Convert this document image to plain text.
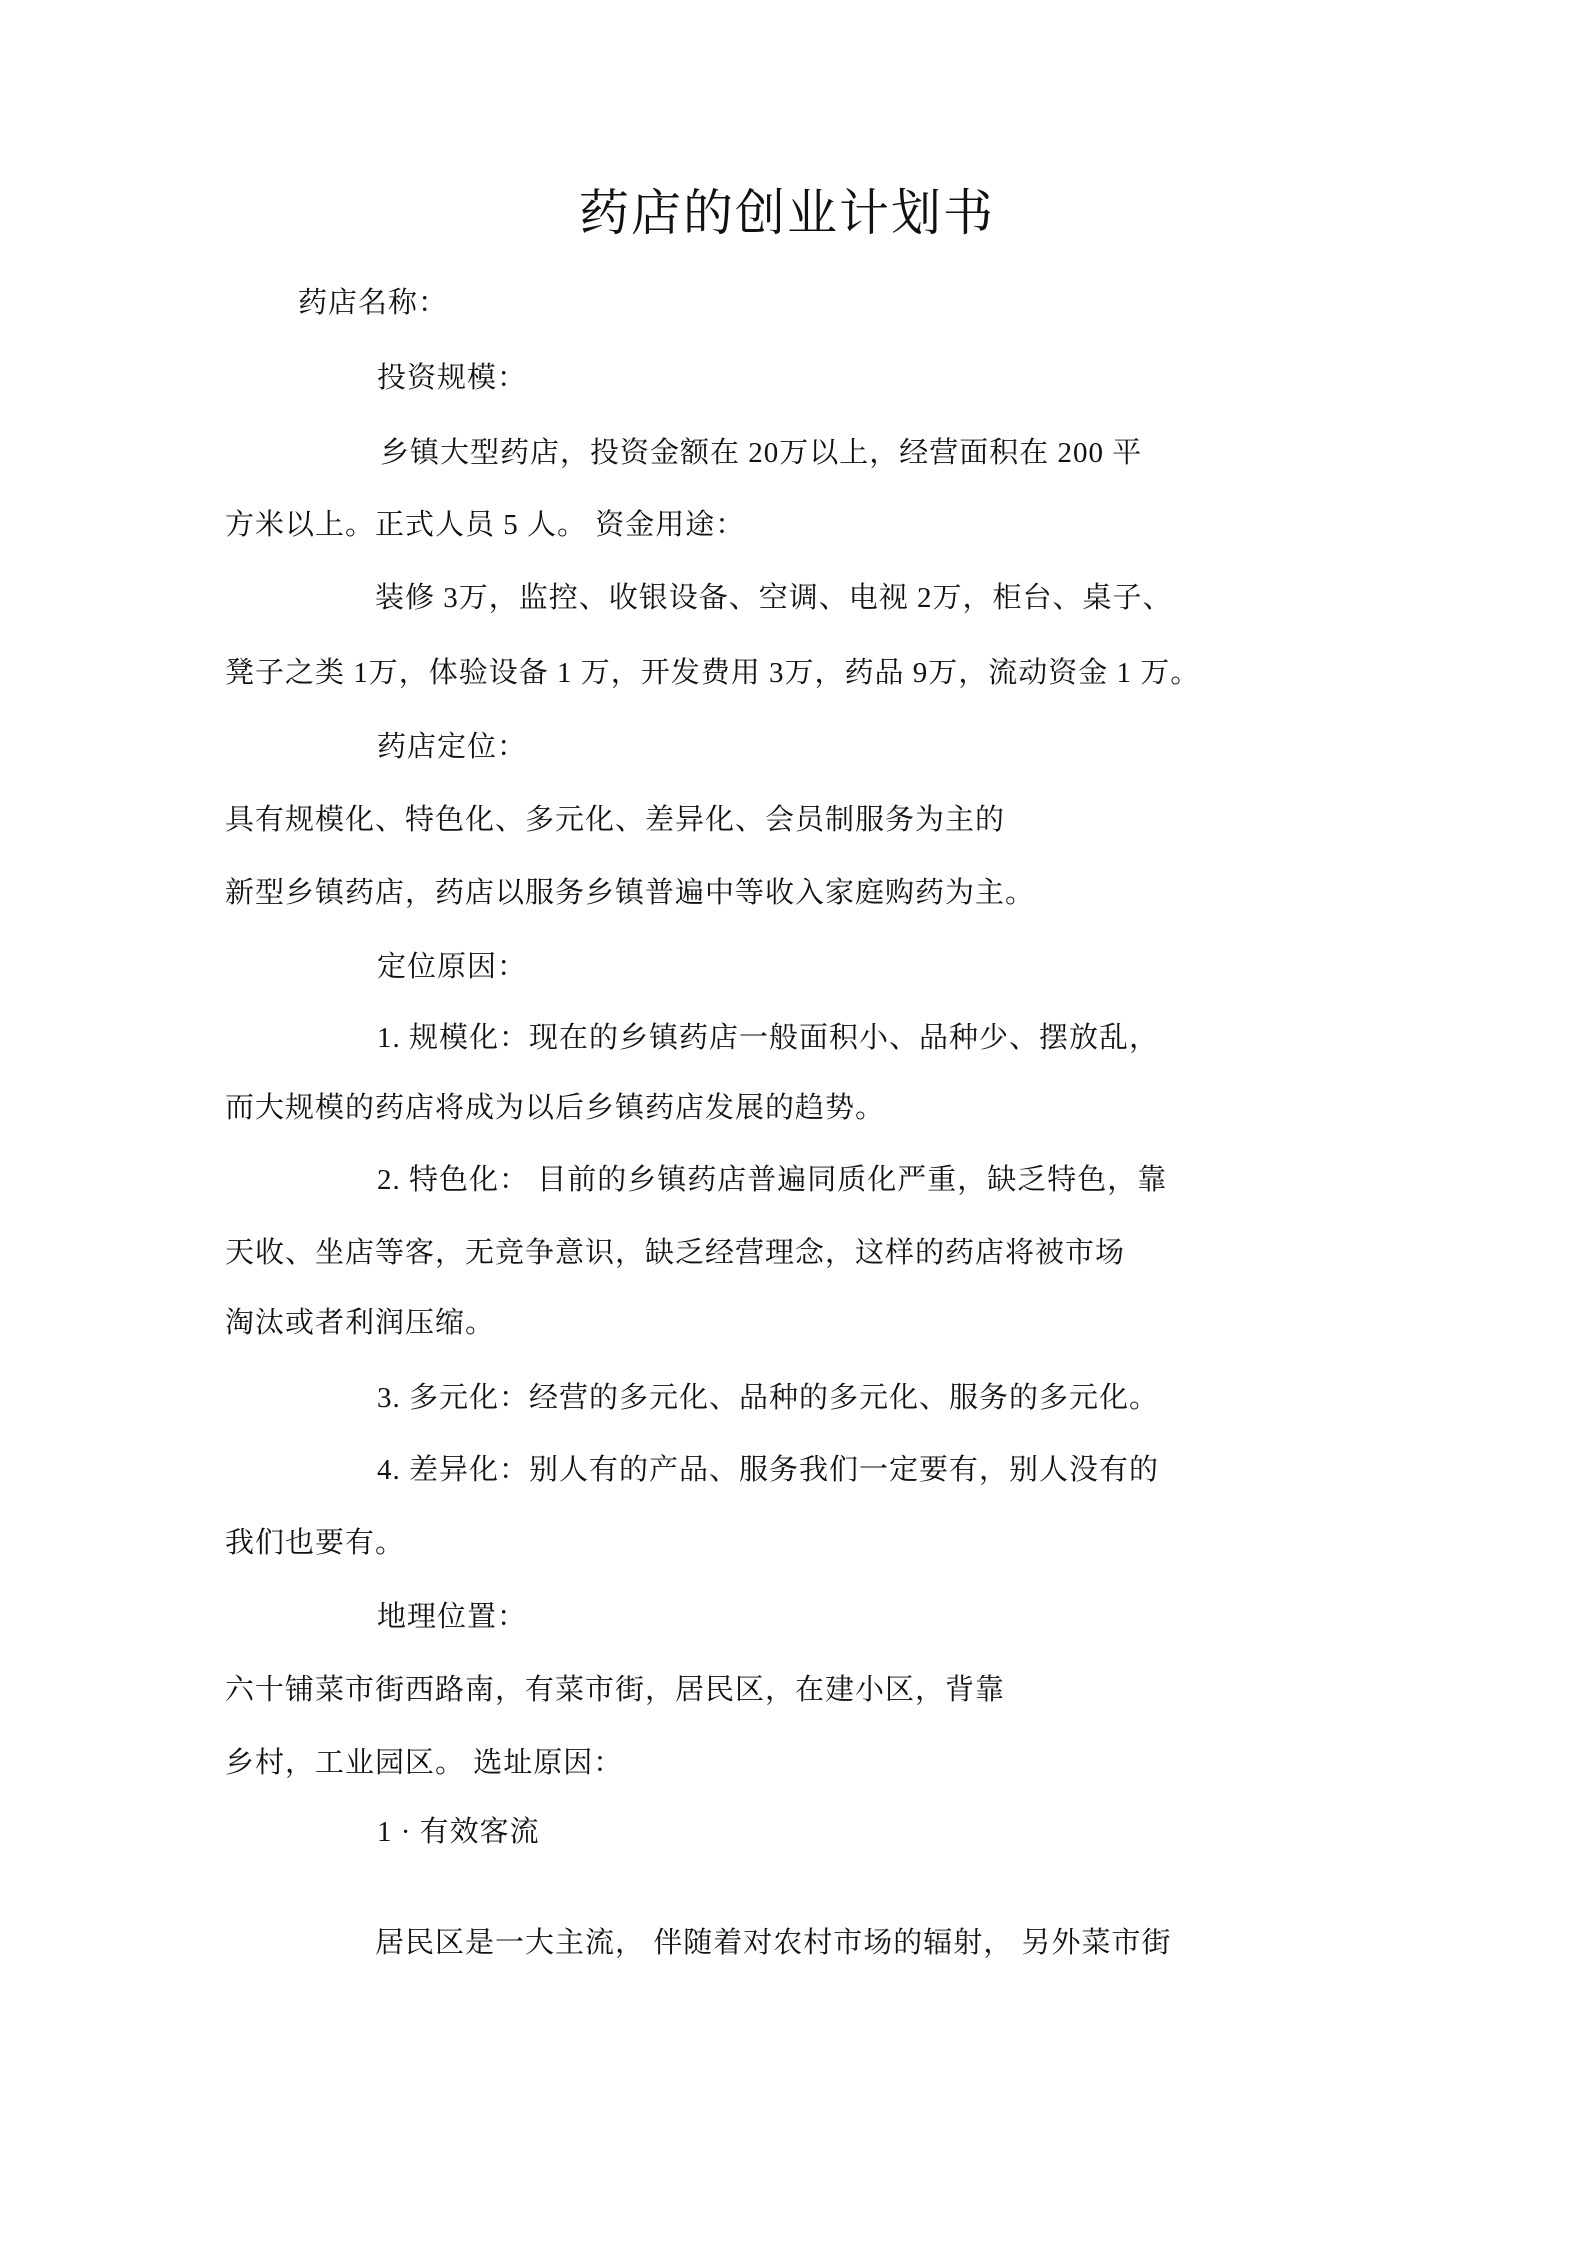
药店的创业计划书
药店名称：
投资规模：
乡镇大型药店，投资金额在 20万以上，经营面积在 200 平
方米以上。正式人员 5 人。 资金用途：
装修 3万，监控、收银设备、空调、电视 2万，柜台、桌子、
凳子之类 1万，体验设备 1 万，开发费用 3万，药品 9万，流动资金 1 万。
药店定位：
具有规模化、特色化、多元化、差异化、会员制服务为主的
新型乡镇药店，药店以服务乡镇普遍中等收入家庭购药为主。
定位原因：
1. 规模化：现在的乡镇药店一般面积小、品种少、摆放乱，
而大规模的药店将成为以后乡镇药店发展的趋势。
2. 特色化： 目前的乡镇药店普遍同质化严重，缺乏特色，靠
天收、坐店等客，无竞争意识，缺乏经营理念，这样的药店将被市场
淘汰或者利润压缩。
3. 多元化：经营的多元化、品种的多元化、服务的多元化。
4. 差异化：别人有的产品、服务我们一定要有，别人没有的
我们也要有。
地理位置：
六十铺菜市街西路南，有菜市街，居民区，在建小区，背靠
乡村，工业园区。 选址原因：
1 · 有效客流
居民区是一大主流， 伴随着对农村市场的辐射， 另外菜市街
